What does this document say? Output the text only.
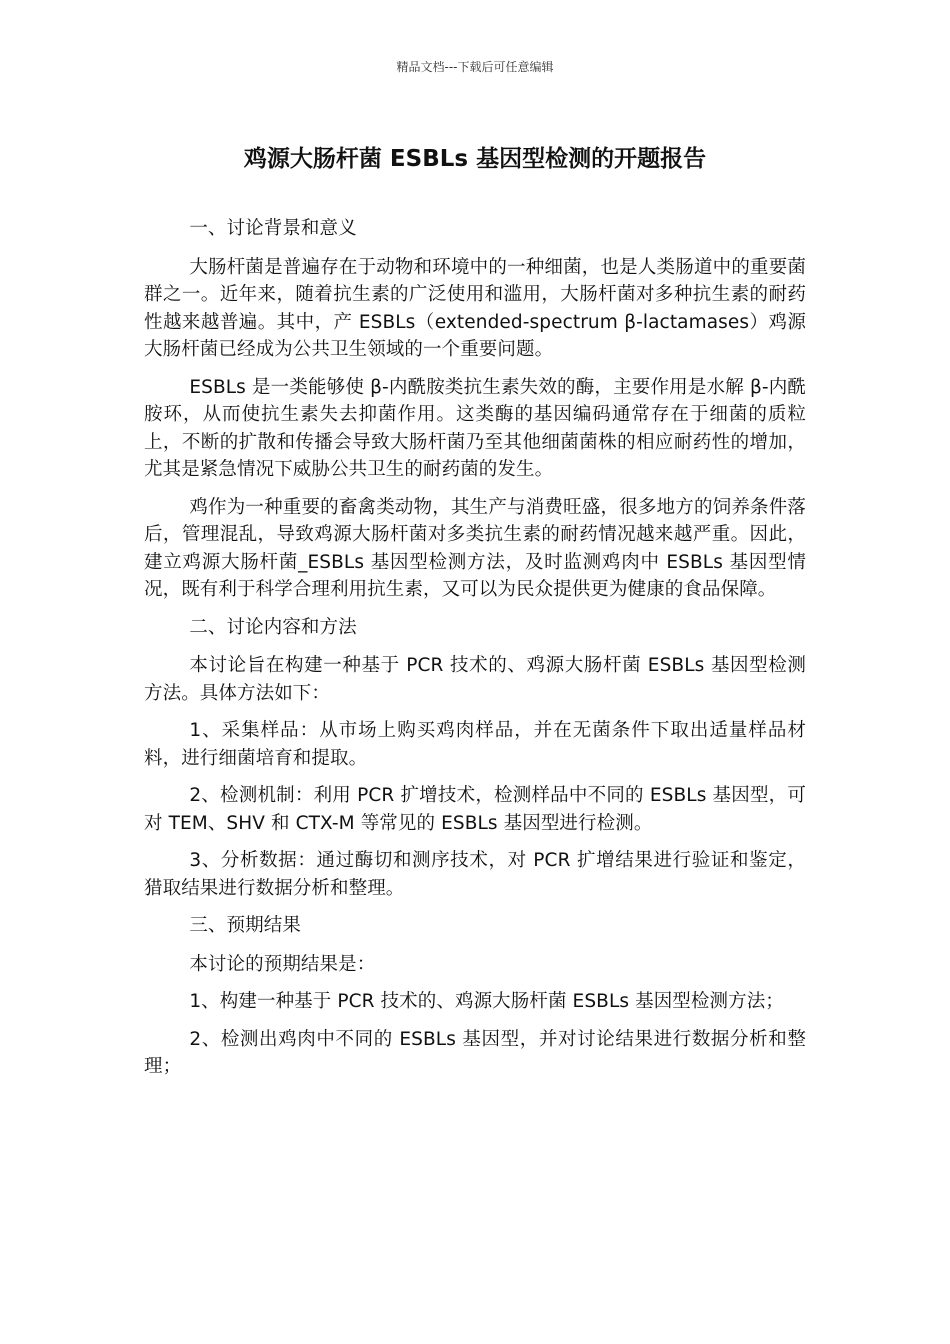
精品文档---下载后可任意编辑
鸡源大肠杆菌 ESBLs 基因型检测的开题报告

一、讨论背景和意义

大肠杆菌是普遍存在于动物和环境中的一种细菌，也是人类肠道中的重要菌群之一。近年来，随着抗生素的广泛使用和滥用，大肠杆菌对多种抗生素的耐药性越来越普遍。其中，产 ESBLs（extended-spectrum β-lactamases）鸡源大肠杆菌已经成为公共卫生领域的一个重要问题。

ESBLs 是一类能够使 β-内酰胺类抗生素失效的酶，主要作用是水解 β-内酰胺环，从而使抗生素失去抑菌作用。这类酶的基因编码通常存在于细菌的质粒上，不断的扩散和传播会导致大肠杆菌乃至其他细菌菌株的相应耐药性的增加，尤其是紧急情况下威胁公共卫生的耐药菌的发生。

鸡作为一种重要的畜禽类动物，其生产与消费旺盛，很多地方的饲养条件落后，管理混乱，导致鸡源大肠杆菌对多类抗生素的耐药情况越来越严重。因此，建立鸡源大肠杆菌_ESBLs 基因型检测方法，及时监测鸡肉中 ESBLs 基因型情况，既有利于科学合理利用抗生素，又可以为民众提供更为健康的食品保障。

二、讨论内容和方法

本讨论旨在构建一种基于 PCR 技术的、鸡源大肠杆菌 ESBLs 基因型检测方法。具体方法如下：

1、采集样品：从市场上购买鸡肉样品，并在无菌条件下取出适量样品材料，进行细菌培育和提取。

2、检测机制：利用 PCR 扩增技术，检测样品中不同的 ESBLs 基因型，可对 TEM、SHV 和 CTX-M 等常见的 ESBLs 基因型进行检测。

3、分析数据：通过酶切和测序技术，对 PCR 扩增结果进行验证和鉴定，猎取结果进行数据分析和整理。

三、预期结果

本讨论的预期结果是：

1、构建一种基于 PCR 技术的、鸡源大肠杆菌 ESBLs 基因型检测方法；

2、检测出鸡肉中不同的 ESBLs 基因型，并对讨论结果进行数据分析和整理；
